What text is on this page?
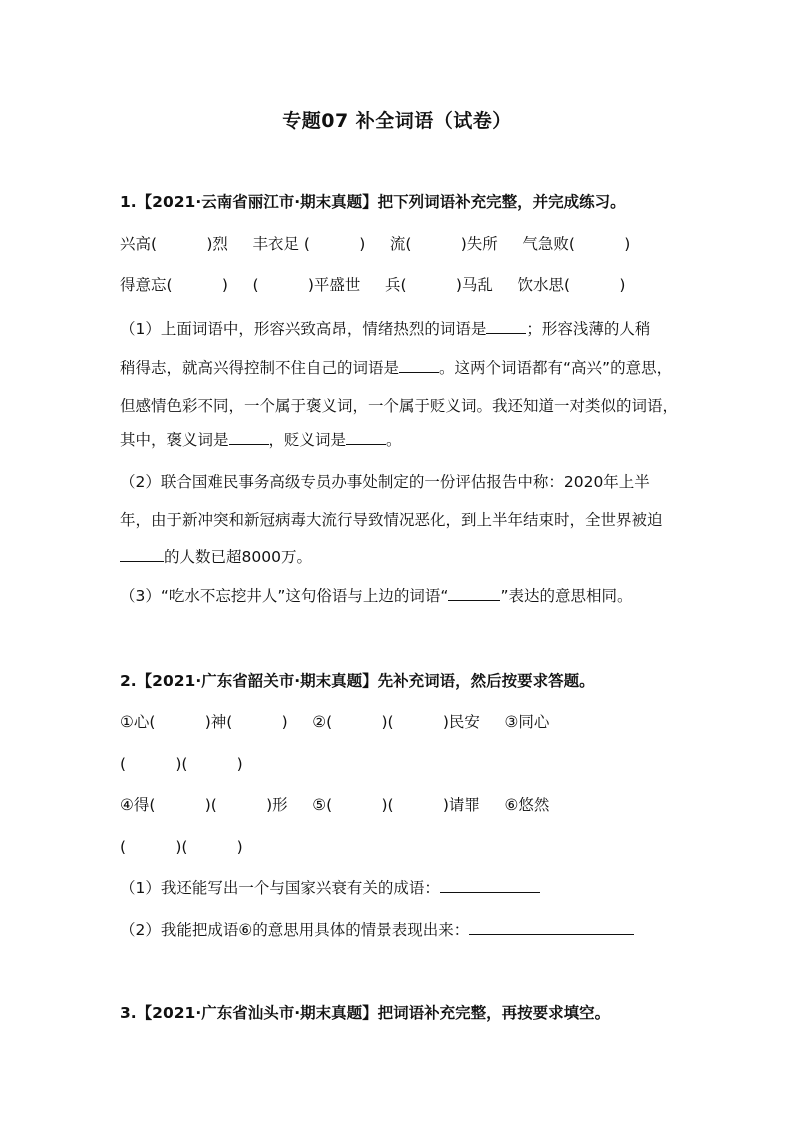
专题07 补全词语（试卷）
1.【2021·云南省丽江市·期末真题】把下列词语补充完整，并完成练习。
兴高(          )烈     丰衣足 (          )     流(          )失所     气急败(          )
得意忘(          )     (          )平盛世     兵(          )马乱     饮水思(          )
（1）上面词语中，形容兴致高昂，情绪热烈的词语是	；形容浅薄的人稍
稍得志，就高兴得控制不住自己的词语是	。这两个词语都有“高兴”的意思，
但感情色彩不同，一个属于褒义词，一个属于贬义词。我还知道一对类似的词语，
其中，褒义词是	，贬义词是	。
（2）联合国难民事务高级专员办事处制定的一份评估报告中称：2020年上半
年，由于新冲突和新冠病毒大流行导致情况恶化，到上半年结束时，全世界被迫
的人数已超8000万。
（3）“吃水不忘挖井人”这句俗语与上边的词语“	”表达的意思相同。
2.【2021·广东省韶关市·期末真题】先补充词语，然后按要求答题。
①心(          )神(          )     ②(          )(          )民安     ③同心
(          )(          )
④得(          )(          )形     ⑤(          )(          )请罪     ⑥悠然
(          )(          )
（1）我还能写出一个与国家兴衰有关的成语：
（2）我能把成语⑥的意思用具体的情景表现出来：
3.【2021·广东省汕头市·期末真题】把词语补充完整，再按要求填空。
